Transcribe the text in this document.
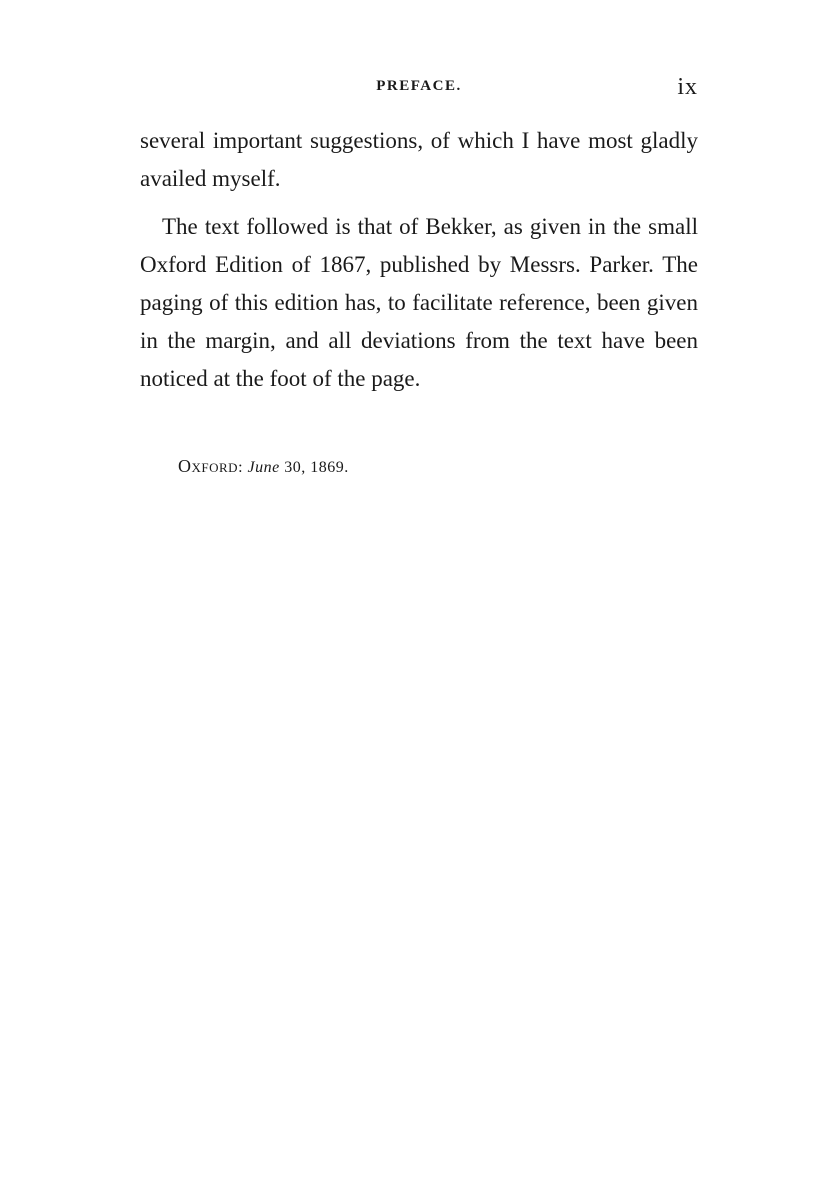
PREFACE.	ix

several important suggestions, of which I have most gladly availed myself.

The text followed is that of Bekker, as given in the small Oxford Edition of 1867, published by Messrs. Parker. The paging of this edition has, to facilitate reference, been given in the margin, and all deviations from the text have been noticed at the foot of the page.

Oxford: June 30, 1869.
